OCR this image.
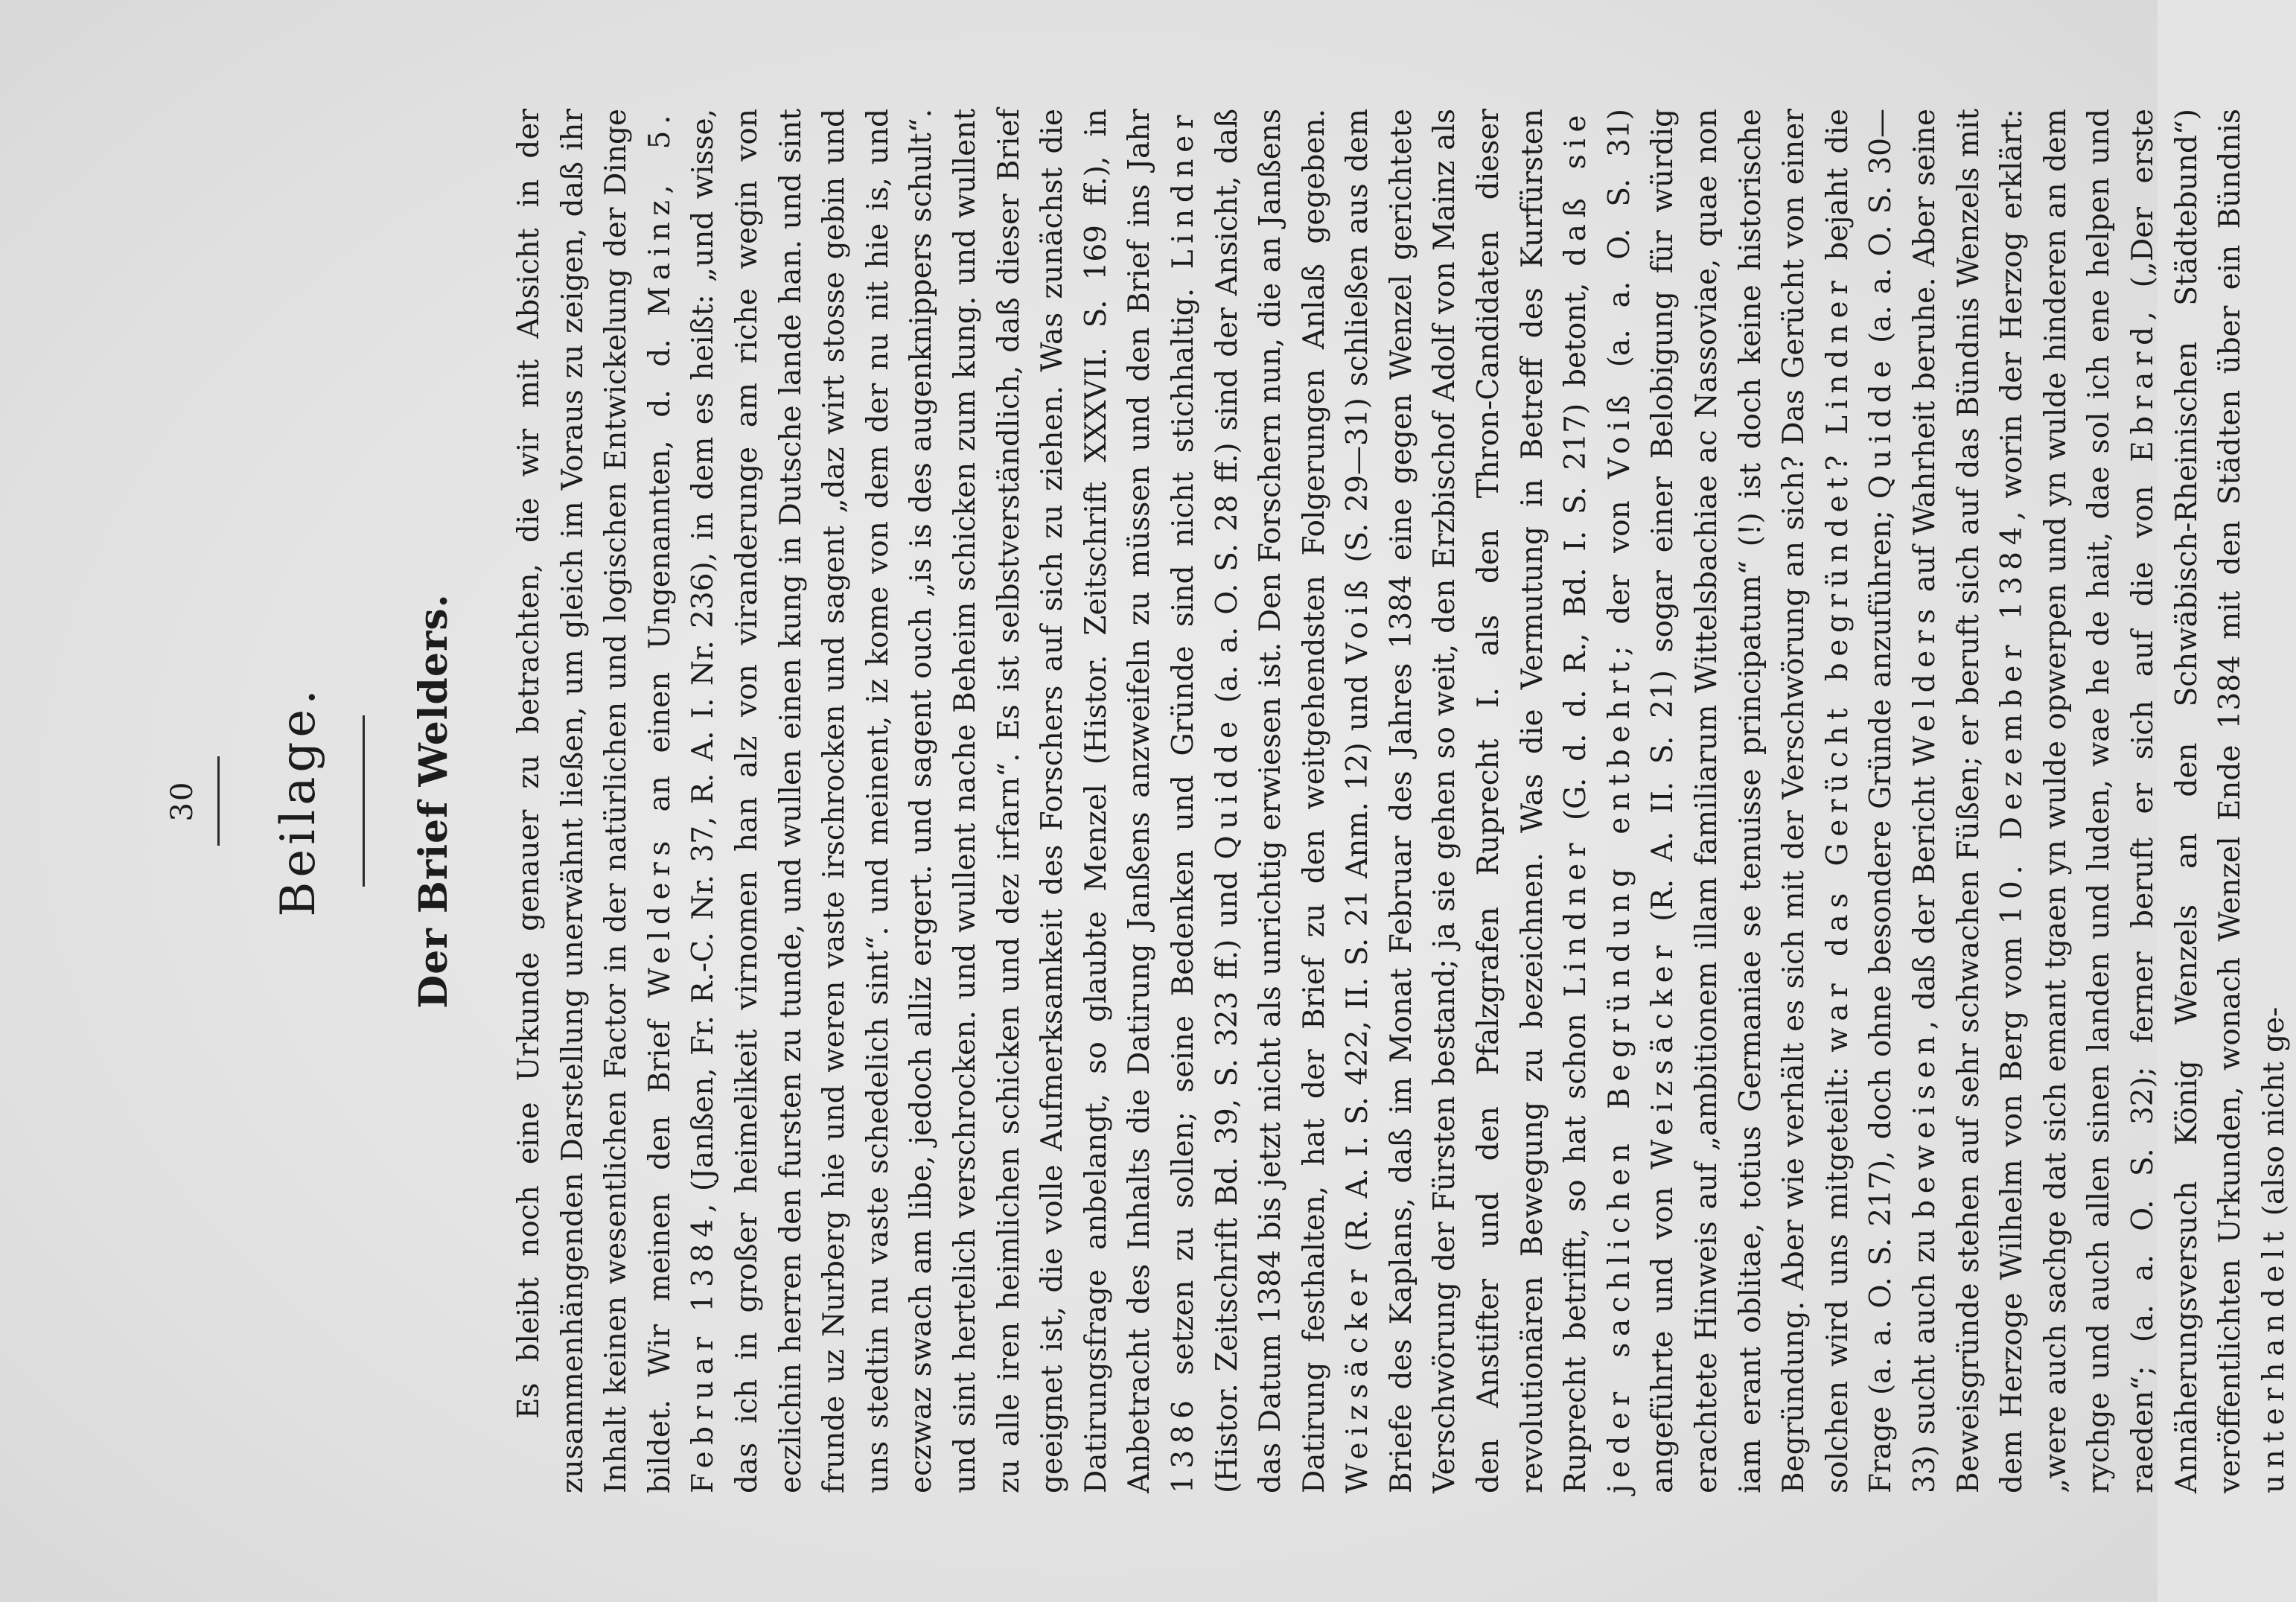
30 Beilage. Der Brief Welders. Es bleibt noch eine Urkunde genauer zu betrachten, die wir mit Absicht in der zusammenhängenden Darstellung unerwähnt ließen, um gleich im Voraus zu zeigen, daß ihr Inhalt keinen wesentlichen Factor in der natürlichen und logischen Entwickelung der Dinge bildet. Wir meinen den Brief Welders an einen Ungenannten, d. d. Mainz, 5. Februar 1384, (Janßen, Fr. R.-C. Nr. 37, R. A. I. Nr. 236), in dem es heißt: „und wisse, das ich in großer heimelikeit virnomen han alz von viranderunge am riche wegin von eczlichin herren den fursten zu tunde, und wullen einen kung in Dutsche lande han. und sint frunde uz Nurberg hie und weren vaste irschrocken und sagent „daz wirt stosse gebin und uns stedtin nu vaste schedelich sint“. und meinent, iz kome von dem der nu nit hie is, und eczwaz swach am libe, jedoch alliz ergert. und sagent ouch „is is des augenknippers schult“. und sint hertelich verschrocken. und wullent nache Beheim schicken zum kung. und wullent zu alle iren heimlichen schicken und dez irfarn“. Es ist selbstverständlich, daß dieser Brief geeignet ist, die volle Aufmerksamkeit des Forschers auf sich zu ziehen. Was zunächst die Datirungsfrage anbelangt, so glaubte Menzel (Histor. Zeitschrift XXXVII. S. 169 ff.), in Anbetracht des Inhalts die Datirung Janßens anzweifeln zu müssen und den Brief ins Jahr 1386 setzen zu sollen; seine Bedenken und Gründe sind nicht stichhaltig. Lindner (Histor. Zeitschrift Bd. 39, S. 323 ff.) und Quidde (a. a. O. S. 28 ff.) sind der Ansicht, daß das Datum 1384 bis jetzt nicht als unrichtig erwiesen ist. Den Forschern nun, die an Janßens Datirung festhalten, hat der Brief zu den weitgehendsten Folgerungen Anlaß gegeben. Weizsäcker (R. A. I. S. 422, II. S. 21 Anm. 12) und Voiß (S. 29—31) schließen aus dem Briefe des Kaplans, daß im Monat Februar des Jahres 1384 eine gegen Wenzel gerichtete Verschwörung der Fürsten bestand; ja sie gehen so weit, den Erzbischof Adolf von Mainz als den Anstifter und den Pfalzgrafen Ruprecht I. als den Thron-Candidaten dieser revolutionären Bewegung zu bezeichnen. Was die Vermutung in Betreff des Kurfürsten Ruprecht betrifft, so hat schon Lindner (G. d. d. R., Bd. I. S. 217) betont, daß sie jeder sachlichen Begründung entbehrt; der von Voiß (a. a. O. S. 31) angeführte und von Weizsäcker (R. A. II. S. 21) sogar einer Belobigung für würdig erachtete Hinweis auf „ambitionem illam familiarum Wittelsbachiae ac Nassoviae, quae non iam erant oblitae, totius Germaniae se tenuisse principatum“ (!) ist doch keine historische Begründung. Aber wie verhält es sich mit der Verschwörung an sich? Das Gerücht von einer solchen wird uns mitgeteilt: war das Gerücht begründet? Lindner bejaht die Frage (a. a. O. S. 217), doch ohne besondere Gründe anzuführen; Quidde (a. a. O. S. 30—33) sucht auch zu beweisen, daß der Bericht Welders auf Wahrheit beruhe. Aber seine Beweisgründe stehen auf sehr schwachen Füßen; er beruft sich auf das Bündnis Wenzels mit dem Herzoge Wilhelm von Berg vom 10. Dezember 1384, worin der Herzog erklärt: „were auch sachge dat sich emant tgaen yn wulde opwerpen und yn wulde hinderen an dem rychge und auch allen sinen landen und luden, wae he de hait, dae sol ich ene helpen und raeden“; (a. a. O. S. 32); ferner beruft er sich auf die von Ebrard, („Der erste Annäherungsversuch König Wenzels an den Schwäbisch-Rheinischen Städtebund“) veröffentlichten Urkunden, wonach Wenzel Ende 1384 mit den Städten über ein Bündnis unterhandelt (also nicht ge-
